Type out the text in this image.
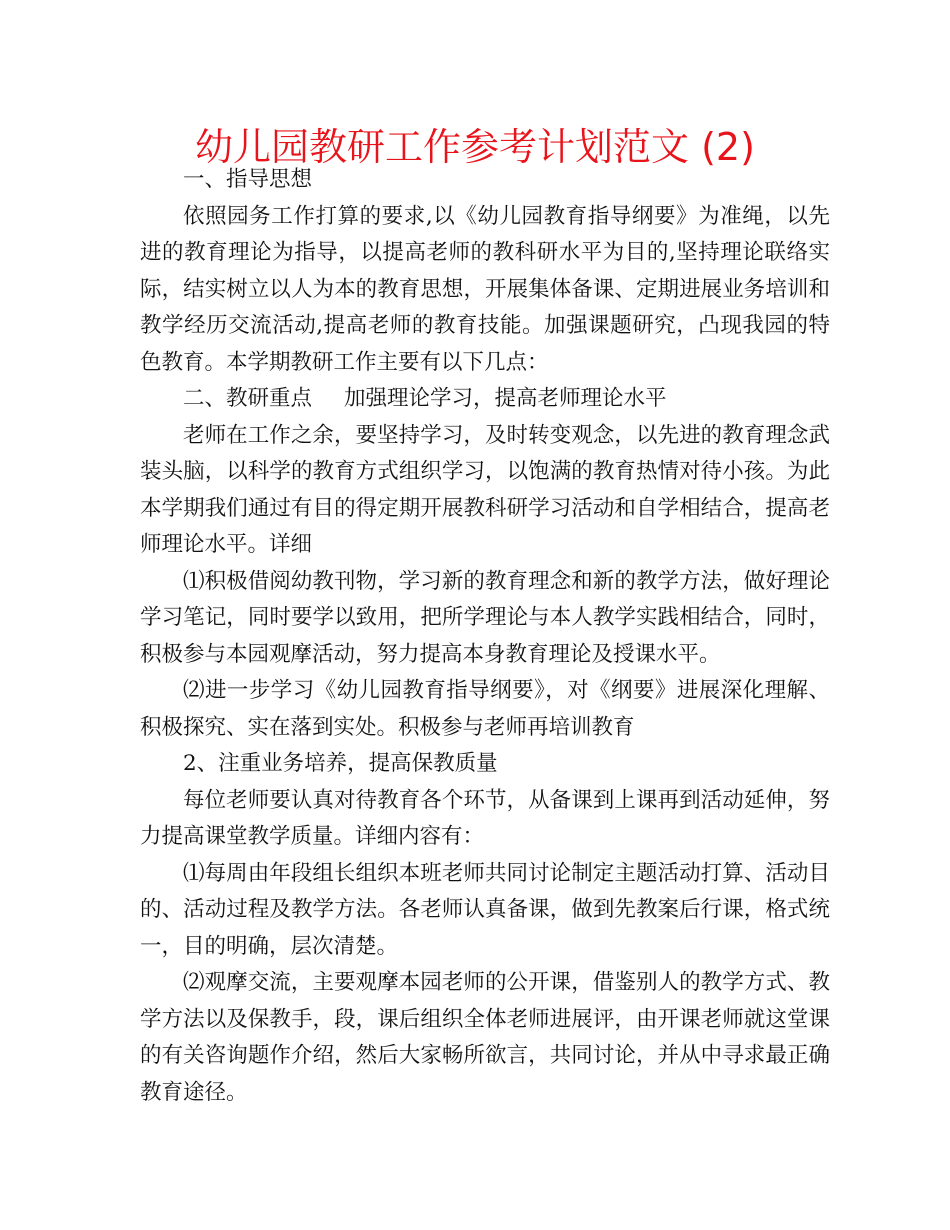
幼儿园教研工作参考计划范文 (2)

一、指导思想

依照园务工作打算的要求,以《幼儿园教育指导纲要》为准绳，以先进的教育理论为指导，以提高老师的教科研水平为目的,坚持理论联络实际，结实树立以人为本的教育思想，开展集体备课、定期进展业务培训和教学经历交流活动,提高老师的教育技能。加强课题研究，凸现我园的特色教育。本学期教研工作主要有以下几点：

二、教研重点 加强理论学习，提高老师理论水平

老师在工作之余，要坚持学习，及时转变观念，以先进的教育理念武装头脑，以科学的教育方式组织学习，以饱满的教育热情对待小孩。为此本学期我们通过有目的得定期开展教科研学习活动和自学相结合，提高老师理论水平。详细

⑴积极借阅幼教刊物，学习新的教育理念和新的教学方法，做好理论学习笔记，同时要学以致用，把所学理论与本人教学实践相结合，同时，积极参与本园观摩活动，努力提高本身教育理论及授课水平。

⑵进一步学习《幼儿园教育指导纲要》，对《纲要》进展深化理解、积极探究、实在落到实处。积极参与老师再培训教育

2、注重业务培养，提高保教质量

每位老师要认真对待教育各个环节，从备课到上课再到活动延伸，努力提高课堂教学质量。详细内容有：

⑴每周由年段组长组织本班老师共同讨论制定主题活动打算、活动目的、活动过程及教学方法。各老师认真备课，做到先教案后行课，格式统一，目的明确，层次清楚。

⑵观摩交流，主要观摩本园老师的公开课，借鉴别人的教学方式、教学方法以及保教手，段，课后组织全体老师进展评，由开课老师就这堂课的有关咨询题作介绍，然后大家畅所欲言，共同讨论，并从中寻求最正确教育途径。
